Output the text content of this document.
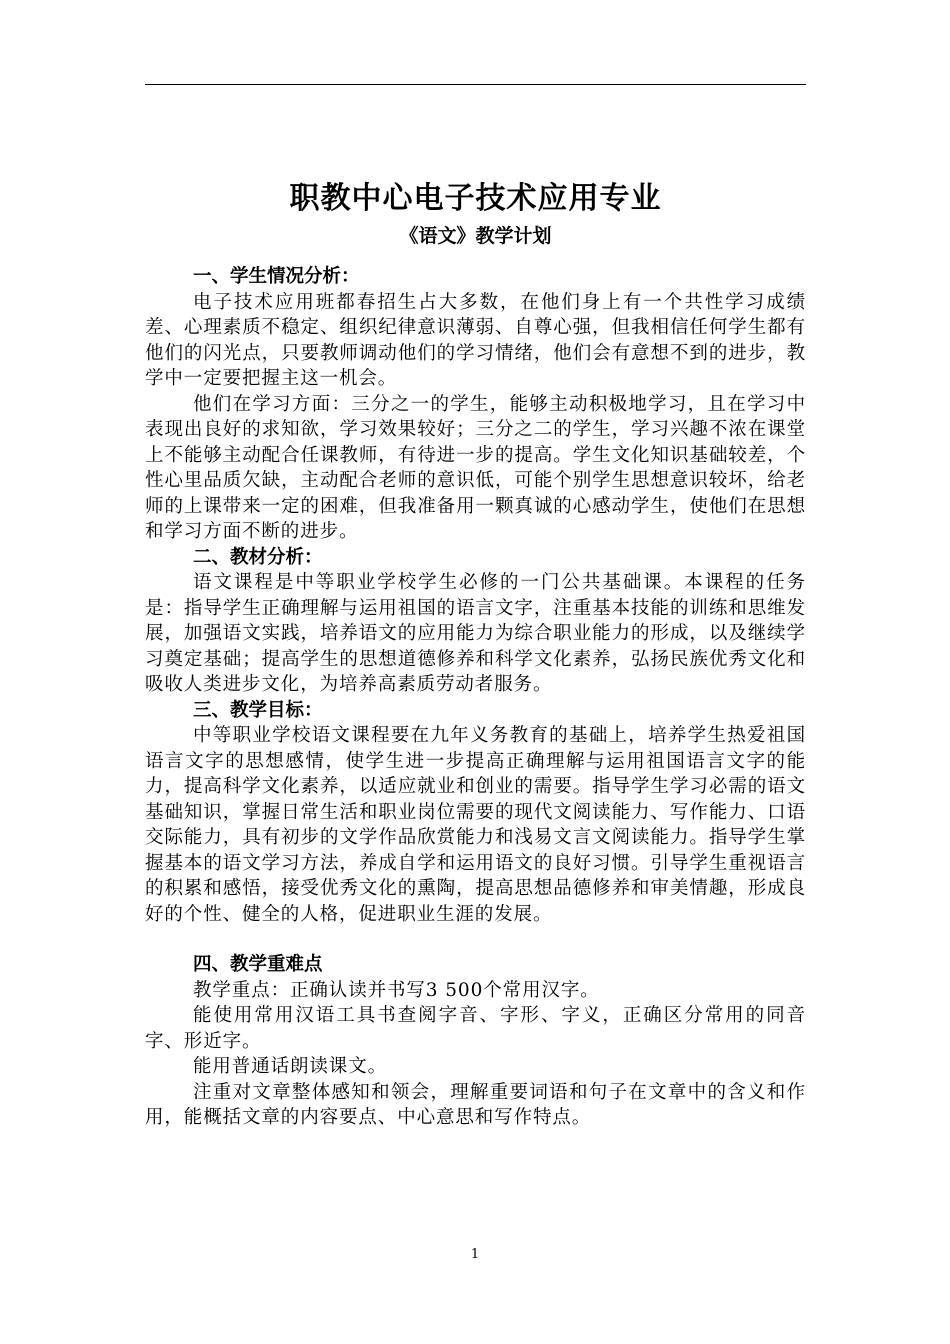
职教中心电子技术应用专业
《语文》教学计划
一、学生情况分析：

电子技术应用班都春招生占大多数，在他们身上有一个共性学习成绩差、心理素质不稳定、组织纪律意识薄弱、自尊心强，但我相信任何学生都有他们的闪光点，只要教师调动他们的学习情绪，他们会有意想不到的进步，教学中一定要把握主这一机会。

他们在学习方面：三分之一的学生，能够主动积极地学习，且在学习中表现出良好的求知欲，学习效果较好；三分之二的学生，学习兴趣不浓在课堂上不能够主动配合任课教师，有待进一步的提高。学生文化知识基础较差，个性心里品质欠缺，主动配合老师的意识低，可能个别学生思想意识较坏，给老师的上课带来一定的困难，但我准备用一颗真诚的心感动学生，使他们在思想和学习方面不断的进步。

二、教材分析：

语文课程是中等职业学校学生必修的一门公共基础课。本课程的任务是：指导学生正确理解与运用祖国的语言文字，注重基本技能的训练和思维发展，加强语文实践，培养语文的应用能力为综合职业能力的形成，以及继续学习奠定基础；提高学生的思想道德修养和科学文化素养，弘扬民族优秀文化和吸收人类进步文化，为培养高素质劳动者服务。

三、教学目标：

中等职业学校语文课程要在九年义务教育的基础上，培养学生热爱祖国语言文字的思想感情，使学生进一步提高正确理解与运用祖国语言文字的能力，提高科学文化素养，以适应就业和创业的需要。指导学生学习必需的语文基础知识，掌握日常生活和职业岗位需要的现代文阅读能力、写作能力、口语交际能力，具有初步的文学作品欣赏能力和浅易文言文阅读能力。指导学生掌握基本的语文学习方法，养成自学和运用语文的良好习惯。引导学生重视语言的积累和感悟，接受优秀文化的熏陶，提高思想品德修养和审美情趣，形成良好的个性、健全的人格，促进职业生涯的发展。

四、教学重难点

教学重点：正确认读并书写3 500个常用汉字。

能使用常用汉语工具书查阅字音、字形、字义，正确区分常用的同音字、形近字。

能用普通话朗读课文。

注重对文章整体感知和领会，理解重要词语和句子在文章中的含义和作用，能概括文章的内容要点、中心意思和写作特点。

1
